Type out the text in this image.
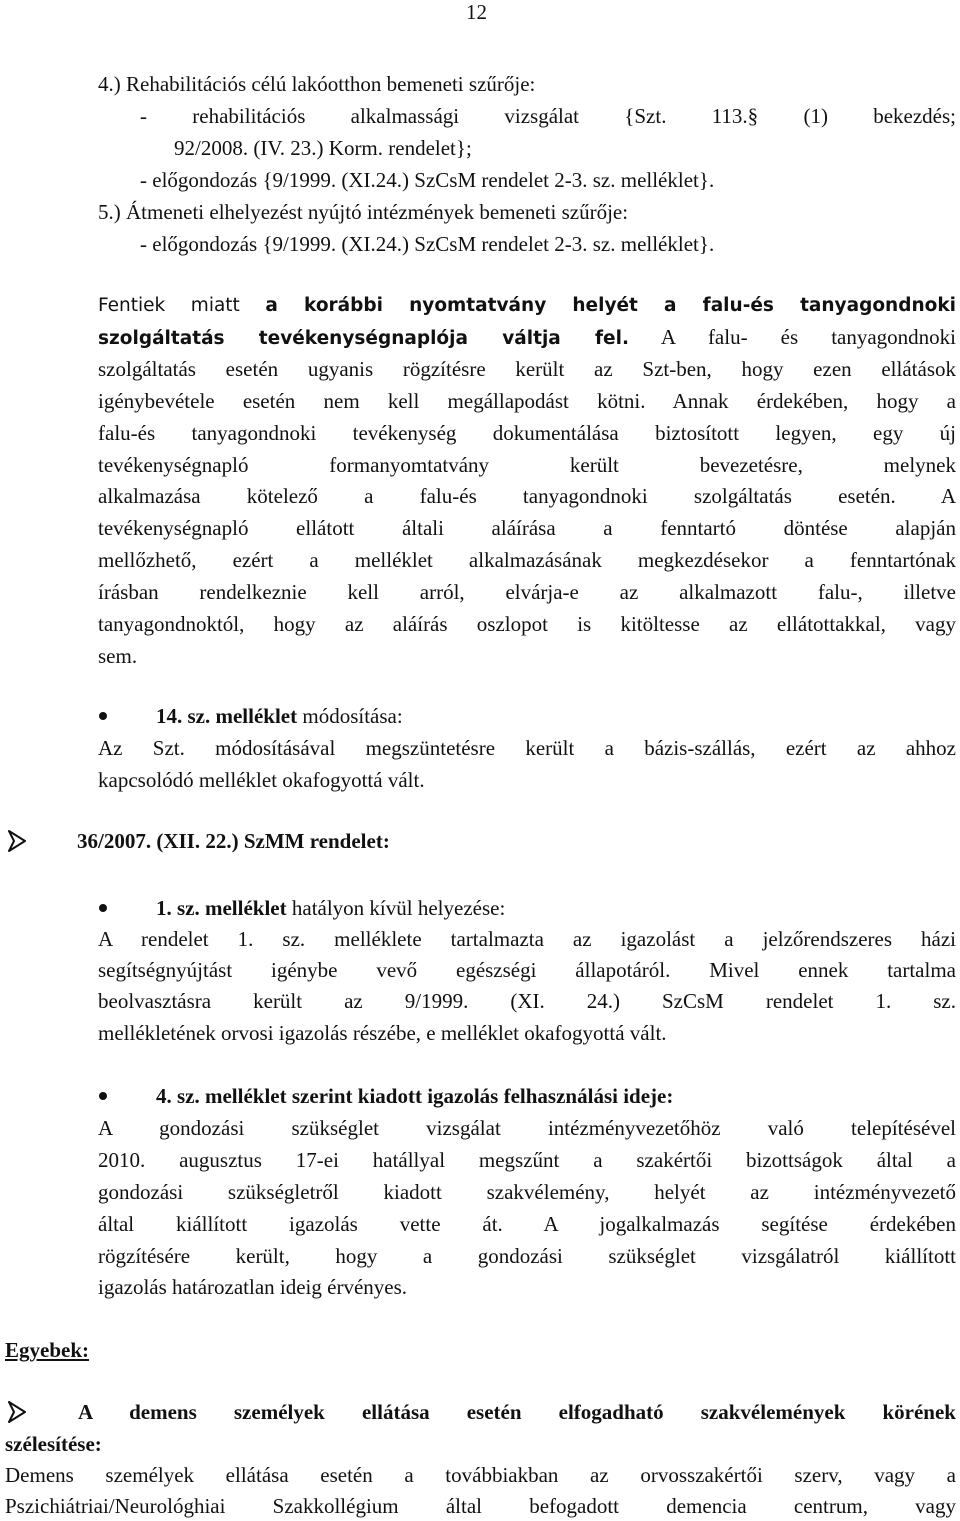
12
4.) Rehabilitációs célú lakóotthon bemeneti szűrője:
- rehabilitációs alkalmassági vizsgálat {Szt. 113.§ (1) bekezdés;
92/2008. (IV. 23.) Korm. rendelet};
- előgondozás {9/1999. (XI.24.) SzCsM rendelet 2-3. sz. melléklet}.
5.) Átmeneti elhelyezést nyújtó intézmények bemeneti szűrője:
- előgondozás {9/1999. (XI.24.) SzCsM rendelet 2-3. sz. melléklet}.
Fentiek miatt a korábbi nyomtatvány helyét a falu-és tanyagondnoki
szolgáltatás tevékenységnaplója váltja fel. A falu- és tanyagondnoki
szolgáltatás esetén ugyanis rögzítésre került az Szt-ben, hogy ezen ellátások
igénybevétele esetén nem kell megállapodást kötni. Annak érdekében, hogy a
falu-és tanyagondnoki tevékenység dokumentálása biztosított legyen, egy új
tevékenységnapló formanyomtatvány került bevezetésre, melynek
alkalmazása kötelező a falu-és tanyagondnoki szolgáltatás esetén. A
tevékenységnapló ellátott általi aláírása a fenntartó döntése alapján
mellőzhető, ezért a melléklet alkalmazásának megkezdésekor a fenntartónak
írásban rendelkeznie kell arról, elvárja-e az alkalmazott falu-, illetve
tanyagondnoktól, hogy az aláírás oszlopot is kitöltesse az ellátottakkal, vagy
sem.
14. sz. melléklet módosítása:
Az Szt. módosításával megszüntetésre került a bázis-szállás, ezért az ahhoz
kapcsolódó melléklet okafogyottá vált.
36/2007. (XII. 22.) SzMM rendelet:
1. sz. melléklet hatályon kívül helyezése:
A rendelet 1. sz. melléklete tartalmazta az igazolást a jelzőrendszeres házi
segítségnyújtást igénybe vevő egészségi állapotáról. Mivel ennek tartalma
beolvasztásra került az 9/1999. (XI. 24.) SzCsM rendelet 1. sz.
mellékletének orvosi igazolás részébe, e melléklet okafogyottá vált.
4. sz. melléklet szerint kiadott igazolás felhasználási ideje:
A gondozási szükséglet vizsgálat intézményvezetőhöz való telepítésével
2010. augusztus 17-ei hatállyal megszűnt a szakértői bizottságok által a
gondozási szükségletről kiadott szakvélemény, helyét az intézményvezető
által kiállított igazolás vette át. A jogalkalmazás segítése érdekében
rögzítésére került, hogy a gondozási szükséglet vizsgálatról kiállított
igazolás határozatlan ideig érvényes.
Egyebek:
A demens személyek ellátása esetén elfogadható szakvélemények körének
szélesítése:
Demens személyek ellátása esetén a továbbiakban az orvosszakértői szerv, vagy a
Pszichiátriai/Neurológhiai Szakkollégium által befogadott demencia centrum, vagy
